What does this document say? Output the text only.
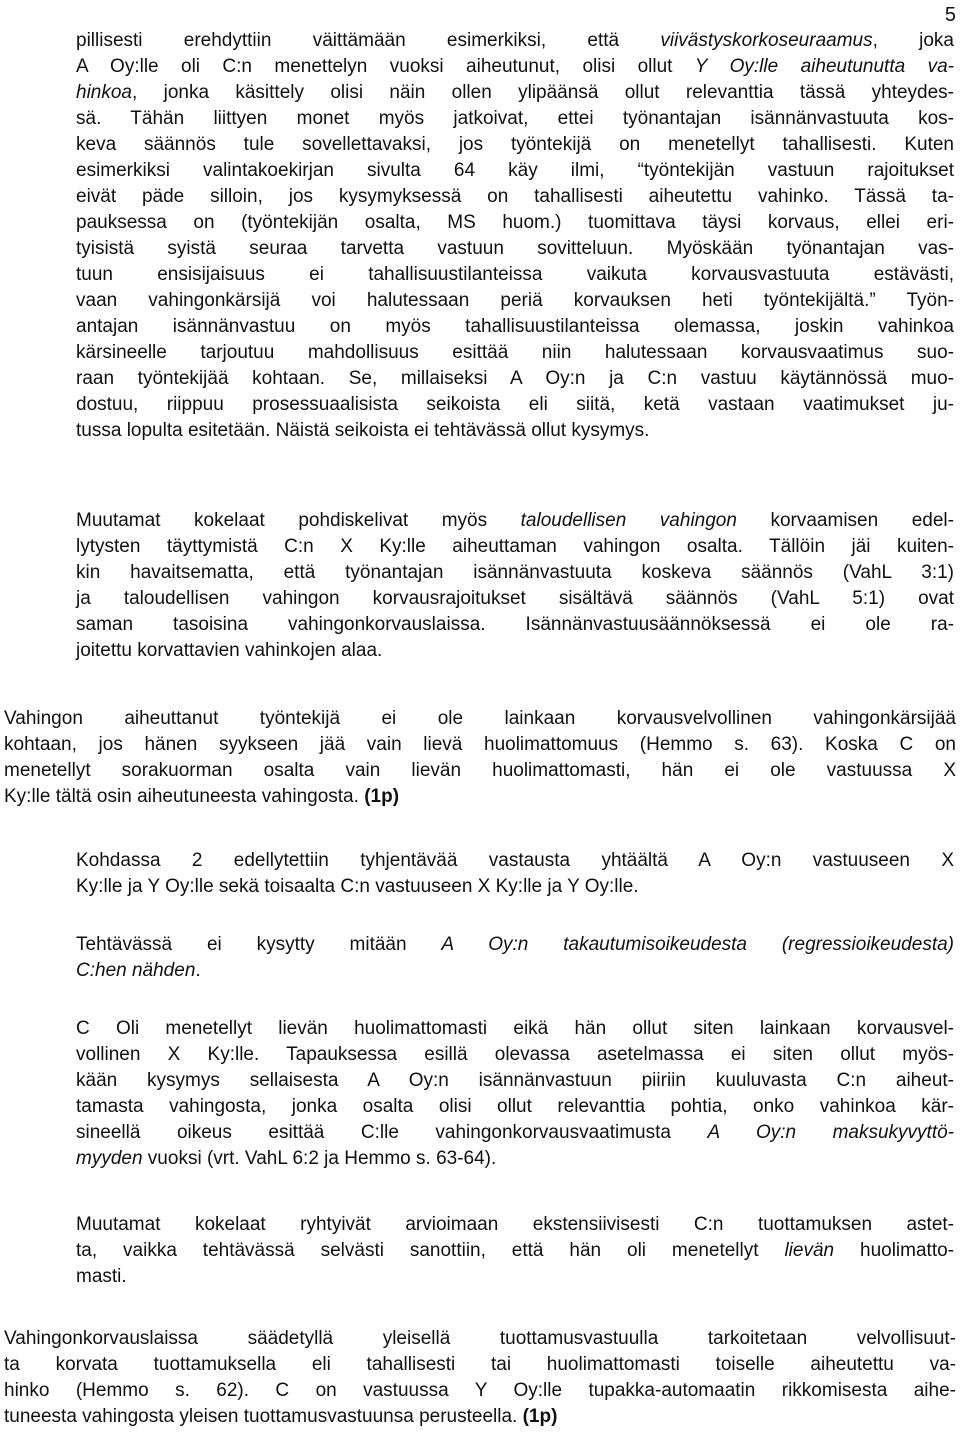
5
pillisesti erehdyttiin väittämään esimerkiksi, että viivästyskorkoseuraamus, joka
A Oy:lle oli C:n menettelyn vuoksi aiheutunut, olisi ollut Y Oy:lle aiheutunutta va-
hinkoa, jonka käsittely olisi näin ollen ylipäänsä ollut relevanttia tässä yhteydes-
sä. Tähän liittyen monet myös jatkoivat, ettei työnantajan isännänvastuuta kos-
keva säännös tule sovellettavaksi, jos työntekijä on menetellyt tahallisesti. Kuten
esimerkiksi valintakoekirjan sivulta 64 käy ilmi, “työntekijän vastuun rajoitukset
eivät päde silloin, jos kysymyksessä on tahallisesti aiheutettu vahinko. Tässä ta-
pauksessa on (työntekijän osalta, MS huom.) tuomittava täysi korvaus, ellei eri-
tyisistä syistä seuraa tarvetta vastuun sovitteluun. Myöskään työnantajan vas-
tuun ensisijaisuus ei tahallisuustilanteissa vaikuta korvausvastuuta estävästi,
vaan vahingonkärsijä voi halutessaan periä korvauksen heti työntekijältä.” Työn-
antajan isännänvastuu on myös tahallisuustilanteissa olemassa, joskin vahinkoa
kärsineelle tarjoutuu mahdollisuus esittää niin halutessaan korvausvaatimus suo-
raan työntekijää kohtaan. Se, millaiseksi A Oy:n ja C:n vastuu käytännössä muo-
dostuu, riippuu prosessuaalisista seikoista eli siitä, ketä vastaan vaatimukset ju-
tussa lopulta esitetään. Näistä seikoista ei tehtävässä ollut kysymys.
Muutamat kokelaat pohdiskelivat myös taloudellisen vahingon korvaamisen edel-
lytysten täyttymistä C:n X Ky:lle aiheuttaman vahingon osalta. Tällöin jäi kuiten-
kin havaitsematta, että työnantajan isännänvastuuta koskeva säännös (VahL 3:1)
ja taloudellisen vahingon korvausrajoitukset sisältävä säännös (VahL 5:1) ovat
saman tasoisina vahingonkorvauslaissa. Isännänvastuusäännöksessä ei ole ra-
joitettu korvattavien vahinkojen alaa.
Vahingon aiheuttanut työntekijä ei ole lainkaan korvausvelvollinen vahingonkärsijää
kohtaan, jos hänen syykseen jää vain lievä huolimattomuus (Hemmo s. 63). Koska C on
menetellyt sorakuorman osalta vain lievän huolimattomasti, hän ei ole vastuussa X
Ky:lle tältä osin aiheutuneesta vahingosta. (1p)
Kohdassa 2 edellytettiin tyhjentävää vastausta yhtäältä A Oy:n vastuuseen X
Ky:lle ja Y Oy:lle sekä toisaalta C:n vastuuseen X Ky:lle ja Y Oy:lle.
Tehtävässä ei kysytty mitään A Oy:n takautumisoikeudesta (regressioikeudesta)
C:hen nähden.
C Oli menetellyt lievän huolimattomasti eikä hän ollut siten lainkaan korvausvel-
vollinen X Ky:lle. Tapauksessa esillä olevassa asetelmassa ei siten ollut myös-
kään kysymys sellaisesta A Oy:n isännänvastuun piiriin kuuluvasta C:n aiheut-
tamasta vahingosta, jonka osalta olisi ollut relevanttia pohtia, onko vahinkoa kär-
sineellä oikeus esittää C:lle vahingonkorvausvaatimusta A Oy:n maksukyvyttö-
myyden vuoksi (vrt. VahL 6:2 ja Hemmo s. 63-64).
Muutamat kokelaat ryhtyivät arvioimaan ekstensiivisesti C:n tuottamuksen astet-
ta, vaikka tehtävässä selvästi sanottiin, että hän oli menetellyt lievän huolimatto-
masti.
Vahingonkorvauslaissa säädetyllä yleisellä tuottamusvastuulla tarkoitetaan velvollisuut-
ta korvata tuottamuksella eli tahallisesti tai huolimattomasti toiselle aiheutettu va-
hinko (Hemmo s. 62). C on vastuussa Y Oy:lle tupakka-automaatin rikkomisesta aihe-
tuneesta vahingosta yleisen tuottamusvastuunsa perusteella. (1p)
